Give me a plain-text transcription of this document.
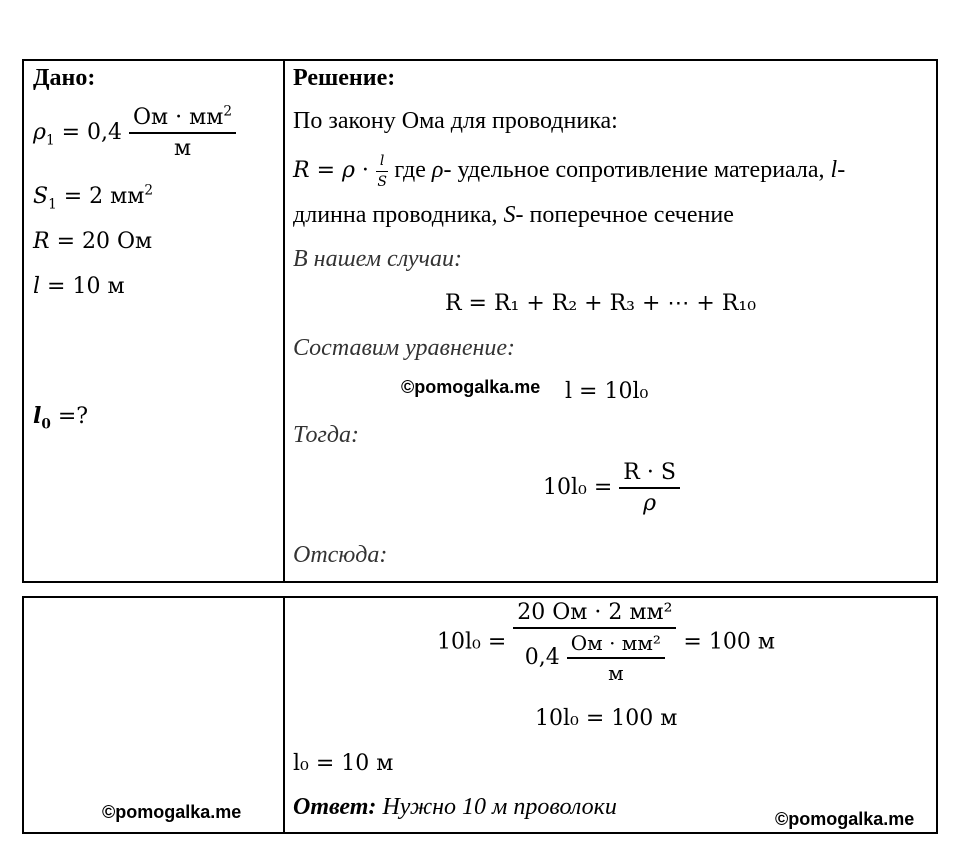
Дано:
$\rho_1 = 0,4 \frac{Ом \cdot мм^2}{м}$
$S_1 = 2$ $мм^2$
R = 20 Ом
l = 10 м
$l_0$ =?
Решение:
По закону Ома для проводника:
$R = \rho \cdot \frac{l}{S}$ где ρ- удельное сопротивление материала, l-
длинна проводника, S- поперечное сечение
В нашем случаи:
R = R₁ + R₂ + R₃ + ⋯ + R₁₀
Составим уравнение:
©pomogalka.me l = 10l₀
Тогда:
$10l_0 = \frac{R \cdot S}{\rho}$
Отсюда:
©pomogalka.me
$10l_0 = \frac{\text{20 Ом · 2 мм²}}{0,4 \frac{\text{Ом · мм²}}{м}} = 100$ м
10l₀ = 100 м
l₀ = 10 м
Ответ: Нужно 10 м проволоки	©pomogalka.me
